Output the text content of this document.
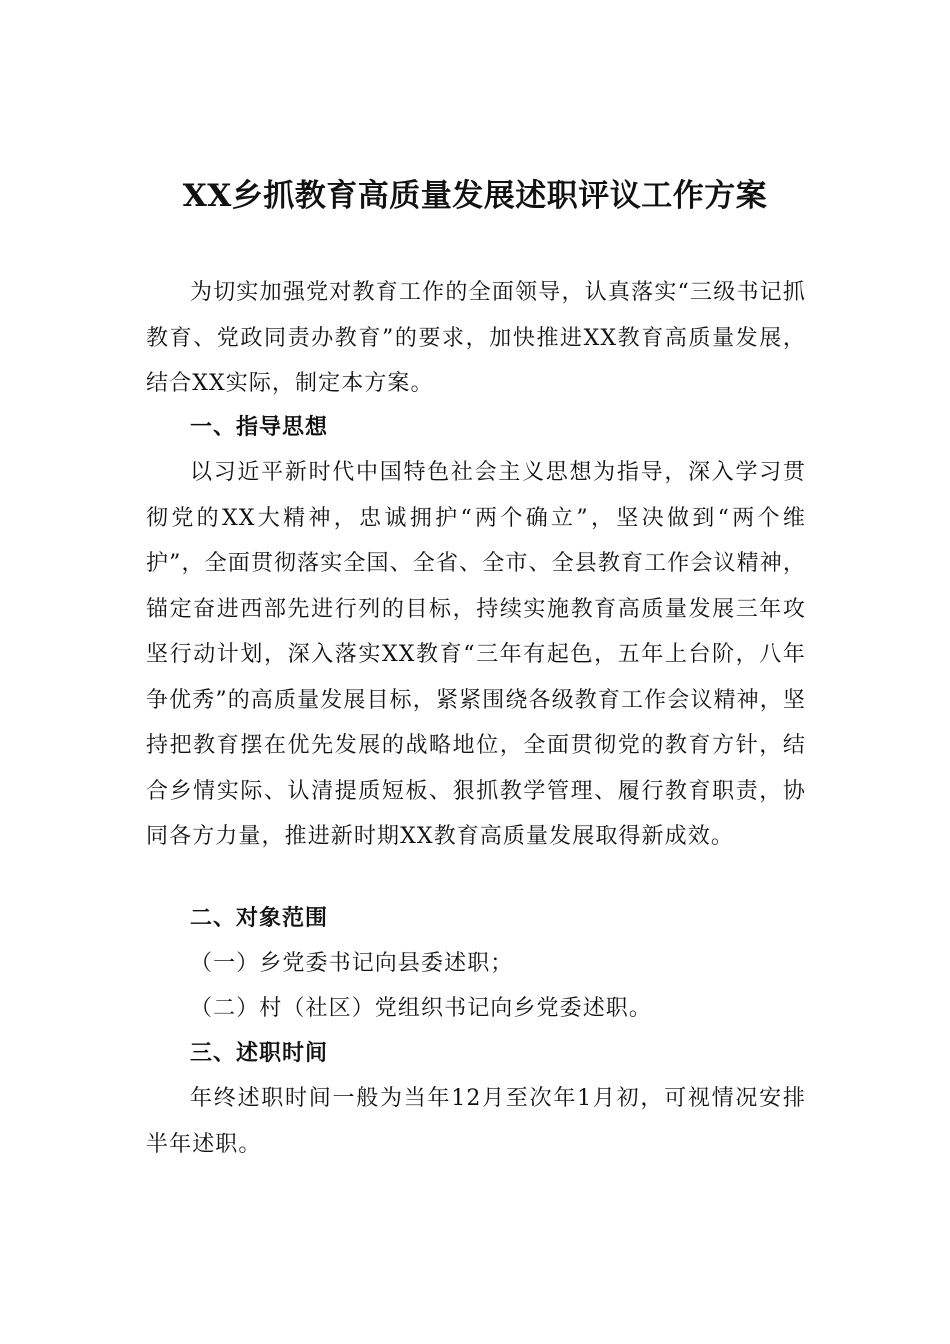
XX乡抓教育高质量发展述职评议工作方案

为切实加强党对教育工作的全面领导，认真落实“三级书记抓教育、党政同责办教育”的要求，加快推进XX教育高质量发展，结合XX实际，制定本方案。

一、指导思想

以习近平新时代中国特色社会主义思想为指导，深入学习贯彻党的XX大精神，忠诚拥护“两个确立”，坚决做到“两个维护”，全面贯彻落实全国、全省、全市、全县教育工作会议精神，锚定奋进西部先进行列的目标，持续实施教育高质量发展三年攻坚行动计划，深入落实XX教育“三年有起色，五年上台阶，八年争优秀”的高质量发展目标，紧紧围绕各级教育工作会议精神，坚持把教育摆在优先发展的战略地位，全面贯彻党的教育方针，结合乡情实际、认清提质短板、狠抓教学管理、履行教育职责，协同各方力量，推进新时期XX教育高质量发展取得新成效。

二、对象范围

（一）乡党委书记向县委述职；

（二）村（社区）党组织书记向乡党委述职。

三、述职时间

年终述职时间一般为当年12月至次年1月初，可视情况安排半年述职。
